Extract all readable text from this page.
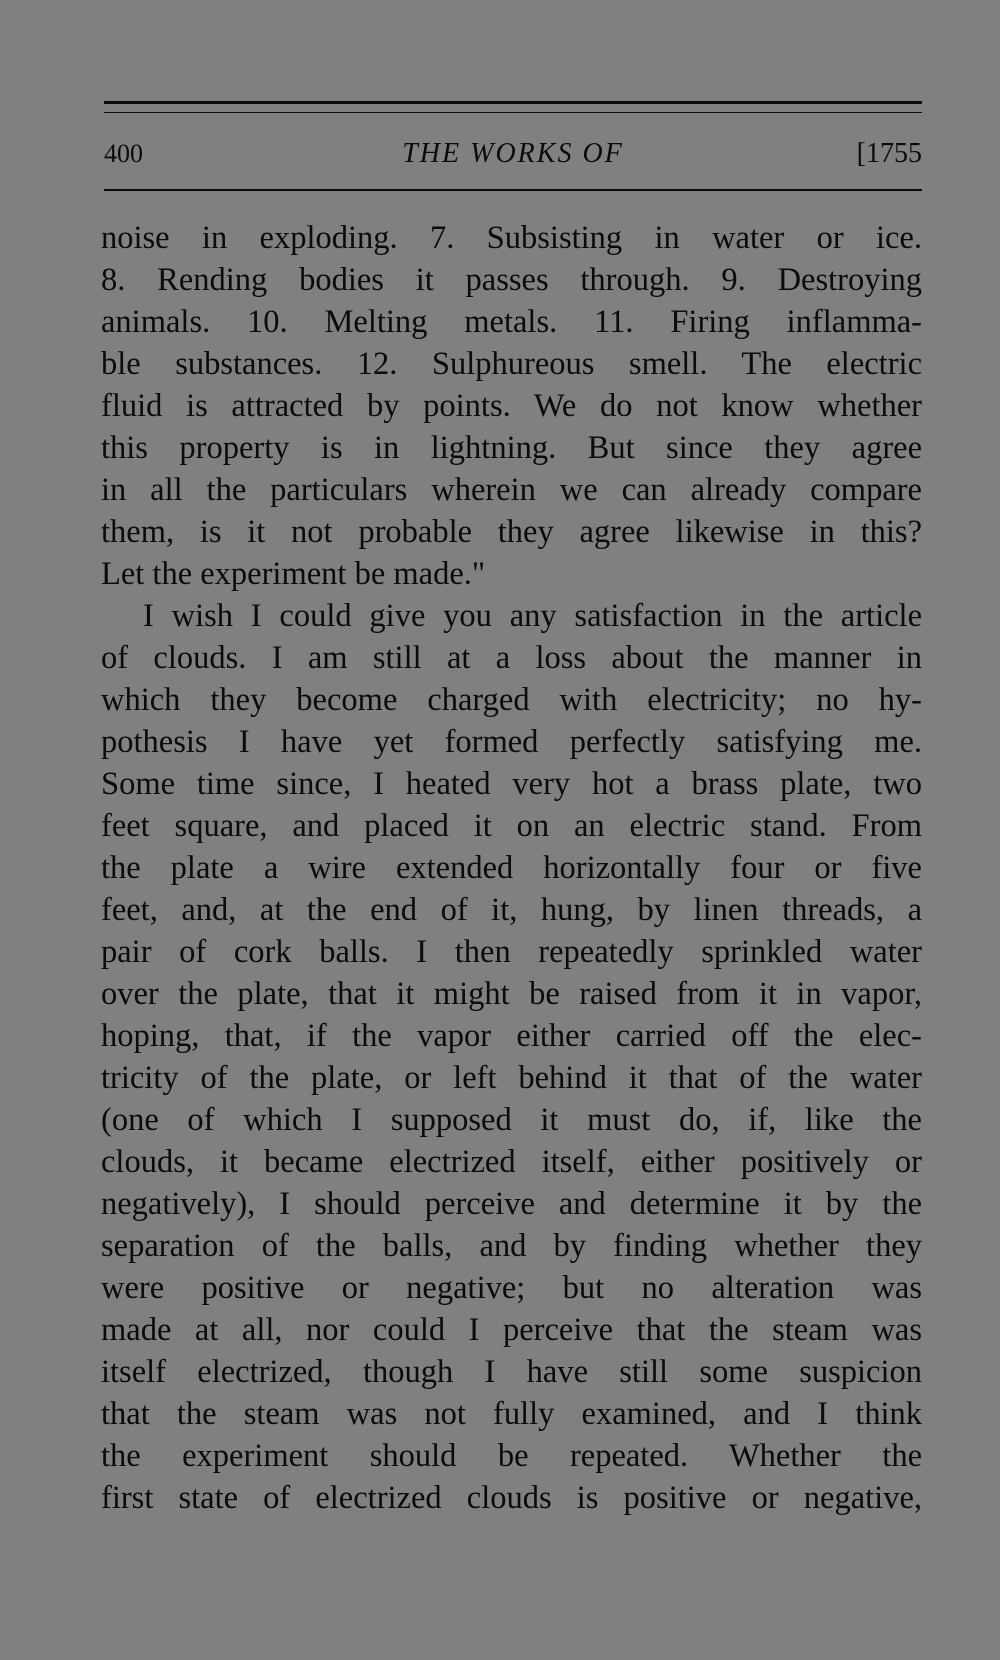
400	THE WORKS OF	[1755
noise in exploding. 7. Subsisting in water or ice.
8. Rending bodies it passes through. 9. Destroying
animals. 10. Melting metals. 11. Firing inflamma-
ble substances. 12. Sulphureous smell. The electric
fluid is attracted by points. We do not know whether
this property is in lightning. But since they agree
in all the particulars wherein we can already compare
them, is it not probable they agree likewise in this?
Let the experiment be made."
I wish I could give you any satisfaction in the article
of clouds. I am still at a loss about the manner in
which they become charged with electricity; no hy-
pothesis I have yet formed perfectly satisfying me.
Some time since, I heated very hot a brass plate, two
feet square, and placed it on an electric stand. From
the plate a wire extended horizontally four or five
feet, and, at the end of it, hung, by linen threads, a
pair of cork balls. I then repeatedly sprinkled water
over the plate, that it might be raised from it in vapor,
hoping, that, if the vapor either carried off the elec-
tricity of the plate, or left behind it that of the water
(one of which I supposed it must do, if, like the
clouds, it became electrized itself, either positively or
negatively), I should perceive and determine it by the
separation of the balls, and by finding whether they
were positive or negative; but no alteration was
made at all, nor could I perceive that the steam was
itself electrized, though I have still some suspicion
that the steam was not fully examined, and I think
the experiment should be repeated. Whether the
first state of electrized clouds is positive or negative,
